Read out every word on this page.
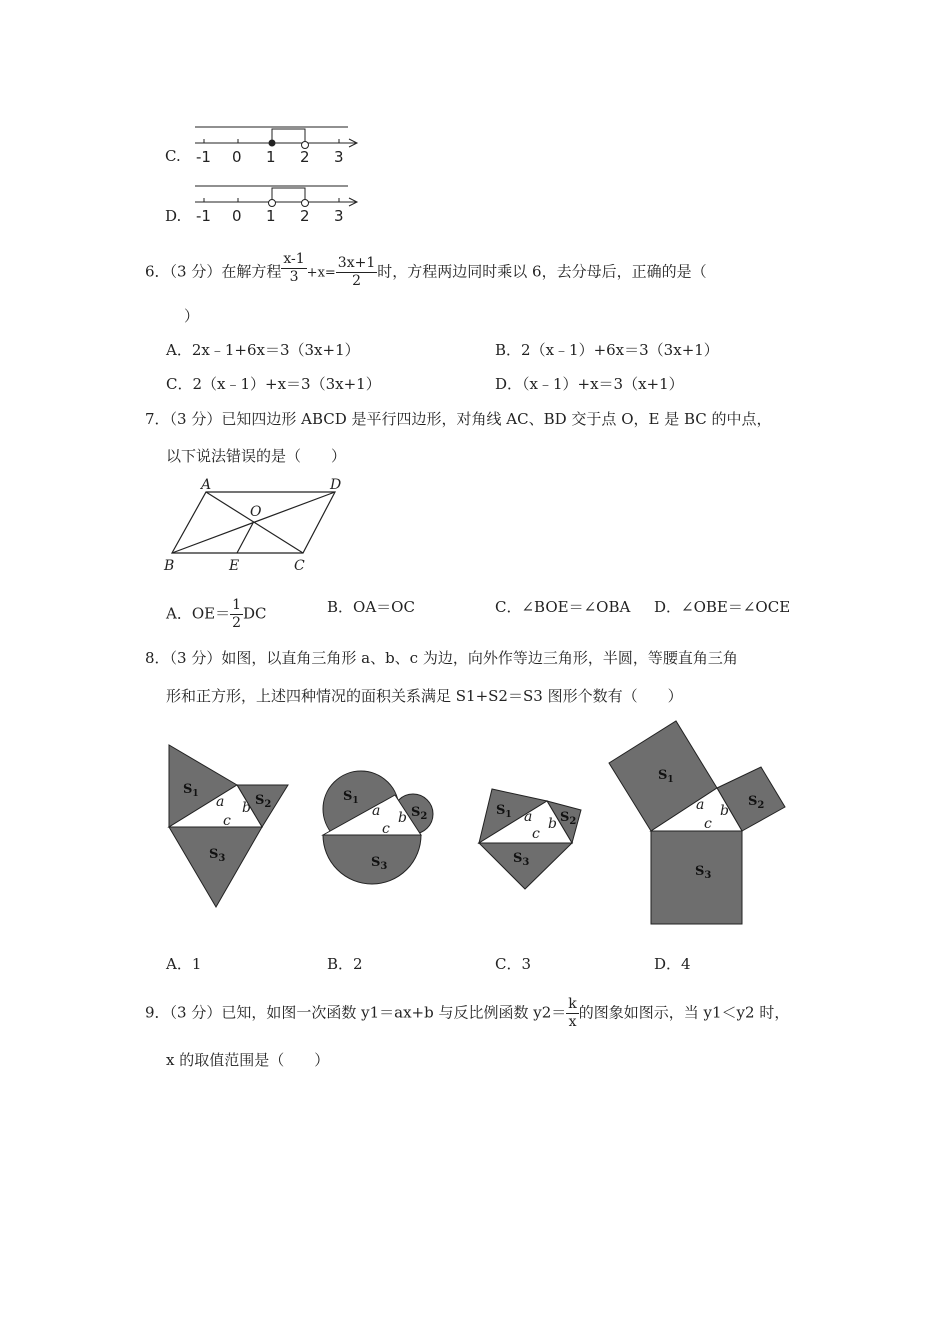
C.
D.
-1 0 1 2 3
-1 0 1 2 3
A	D
O
B	E	C
$S_1$	$S_2$
$S_3$
a b
c
$S_1$
$S_2$
$S_3$
a b
c
$S_1$	$S_2$
$S_3$
a b
c
$S_1$
$S_2$
$S_3$
a b
c
6．（3 分）在解方程 $\frac{x-1}{3} +x= \frac{3x+1}{2}$ 时，方程两边同时乘以 6，去分母后，正确的是（
）
A．2x﹣1+6x＝3（3x+1）	B．2（x﹣1）+6x＝3（3x+1）
C．2（x﹣1）+x＝3（3x+1）	D．（x﹣1）+x＝3（x+1）
7．（3 分）已知四边形 ABCD 是平行四边形，对角线 AC、BD 交于点 O，E 是 BC 的中点，
以下说法错误的是（　　）
A．$OE= \frac{1}{2}$ DC	B．OA＝OC	C．∠BOE＝∠OBA D．∠OBE＝∠OCE
8．（3 分）如图，以直角三角形 a、b、c 为边，向外作等边三角形，半圆，等腰直角三角
形和正方形，上述四种情况的面积关系满足 S1+S2＝S3 图形个数有（　　）
A．1	B．2	C．3	D．4
9．（3 分）已知，如图一次函数 y1＝ax+b 与反比例函数 $y2= \frac{k}{x}$ 的图象如图示，当 y1＜y2 时，
x 的取值范围是（　　）
